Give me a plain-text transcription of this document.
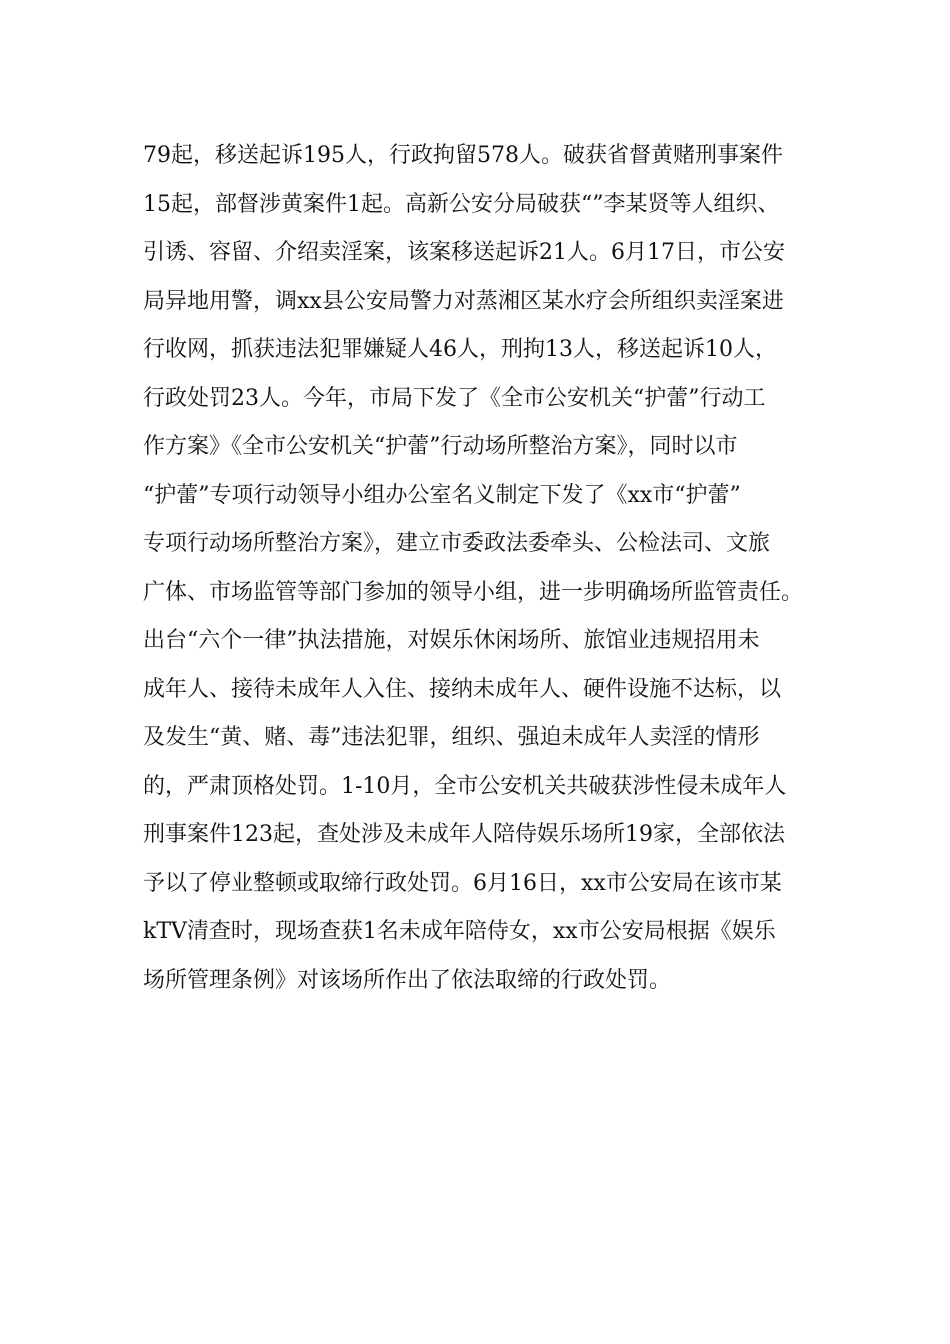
79起，移送起诉195人，行政拘留578人。破获省督黄赌刑事案件
15起，部督涉黄案件1起。高新公安分局破获“”李某贤等人组织、
引诱、容留、介绍卖淫案，该案移送起诉21人。6月17日，市公安
局异地用警，调xx县公安局警力对蒸湘区某水疗会所组织卖淫案进
行收网，抓获违法犯罪嫌疑人46人，刑拘13人，移送起诉10人，
行政处罚23人。今年，市局下发了《全市公安机关“护蕾”行动工
作方案》《全市公安机关“护蕾”行动场所整治方案》，同时以市
“护蕾”专项行动领导小组办公室名义制定下发了《xx市“护蕾”
专项行动场所整治方案》，建立市委政法委牵头、公检法司、文旅
广体、市场监管等部门参加的领导小组，进一步明确场所监管责任。
出台“六个一律”执法措施，对娱乐休闲场所、旅馆业违规招用未
成年人、接待未成年人入住、接纳未成年人、硬件设施不达标，以
及发生“黄、赌、毒”违法犯罪，组织、强迫未成年人卖淫的情形
的，严肃顶格处罚。1-10月，全市公安机关共破获涉性侵未成年人
刑事案件123起，查处涉及未成年人陪侍娱乐场所19家，全部依法
予以了停业整顿或取缔行政处罚。6月16日，xx市公安局在该市某
kTV清查时，现场查获1名未成年陪侍女，xx市公安局根据《娱乐
场所管理条例》对该场所作出了依法取缔的行政处罚。
